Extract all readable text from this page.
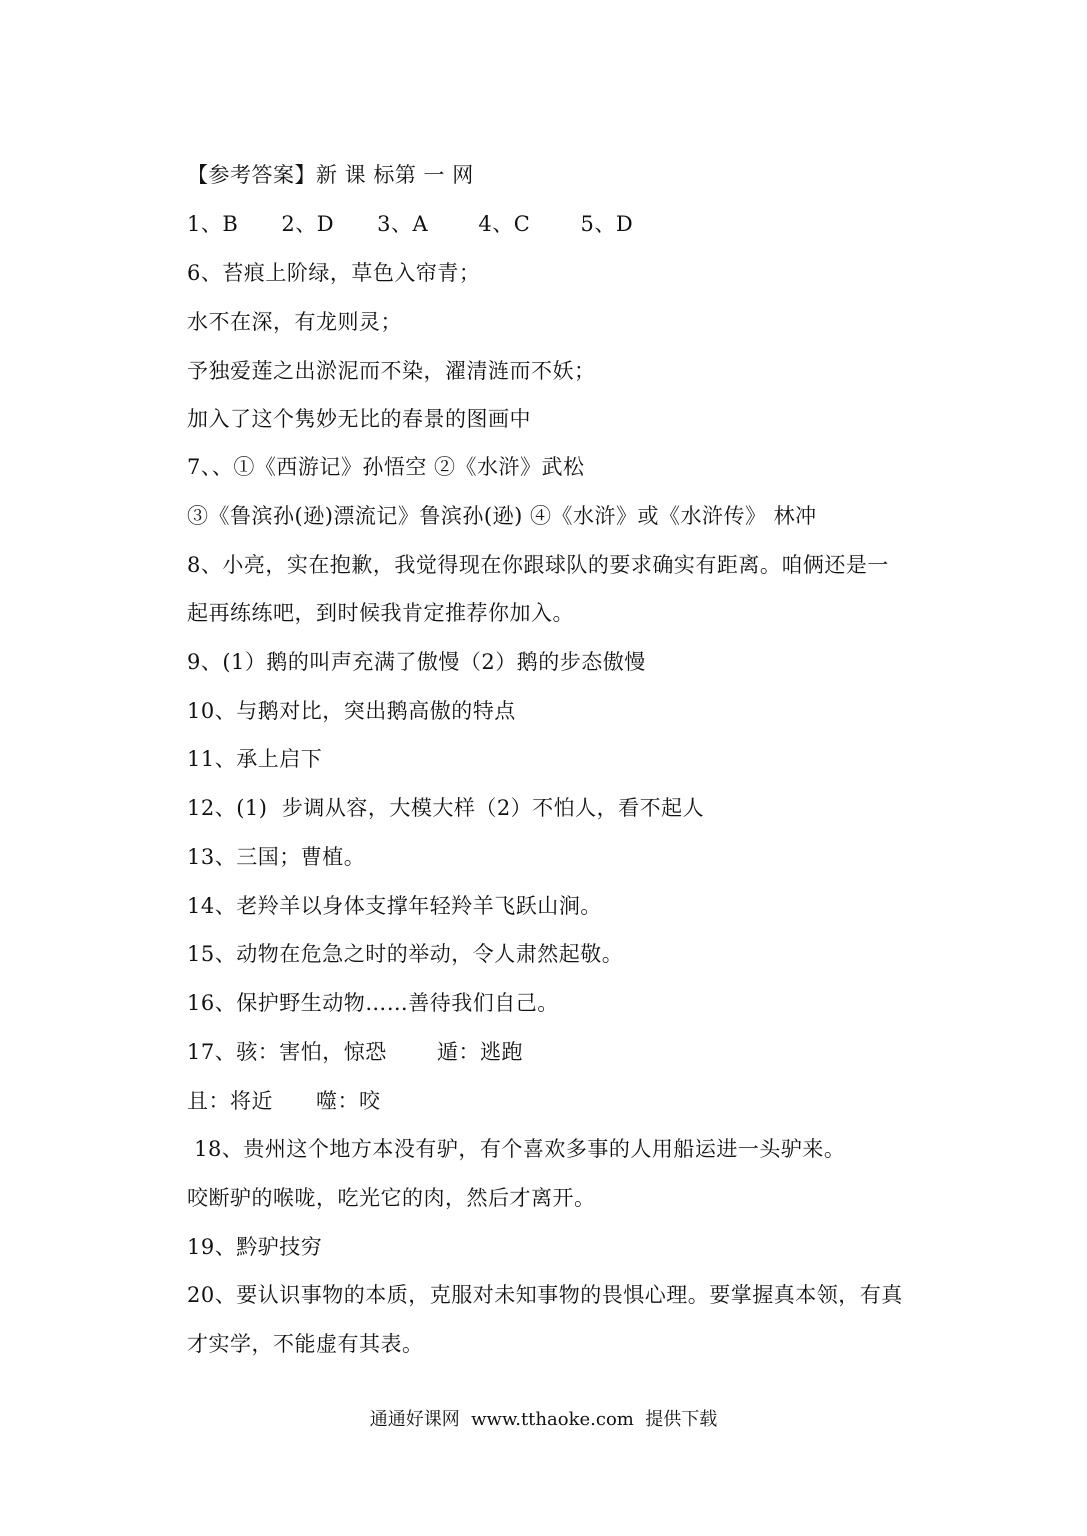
【参考答案】新 课 标第 一 网
1、B      2、D      3、A       4、C       5、D
6、苔痕上阶绿，草色入帘青；
水不在深，有龙则灵；
予独爱莲之出淤泥而不染，濯清涟而不妖；
加入了这个隽妙无比的春景的图画中
7、、①《西游记》孙悟空 ②《水浒》武松
③《鲁滨孙(逊)漂流记》鲁滨孙(逊) ④《水浒》或《水浒传》 林冲
8、小亮，实在抱歉，我觉得现在你跟球队的要求确实有距离。咱俩还是一
起再练练吧，到时候我肯定推荐你加入。
9、(1）鹅的叫声充满了傲慢（2）鹅的步态傲慢
10、与鹅对比，突出鹅高傲的特点
11、承上启下
12、(1)  步调从容，大模大样（2）不怕人，看不起人
13、三国；曹植。
14、老羚羊以身体支撑年轻羚羊飞跃山涧。
15、动物在危急之时的举动，令人肃然起敬。
16、保护野生动物……善待我们自己。
17、骇：害怕，惊恐       遁：逃跑
且：将近      噬：咬
18、贵州这个地方本没有驴，有个喜欢多事的人用船运进一头驴来。
咬断驴的喉咙，吃光它的肉，然后才离开。
19、黔驴技穷
20、要认识事物的本质，克服对未知事物的畏惧心理。要掌握真本领，有真
才实学，不能虚有其表。
通通好课网  www.tthaoke.com  提供下载
